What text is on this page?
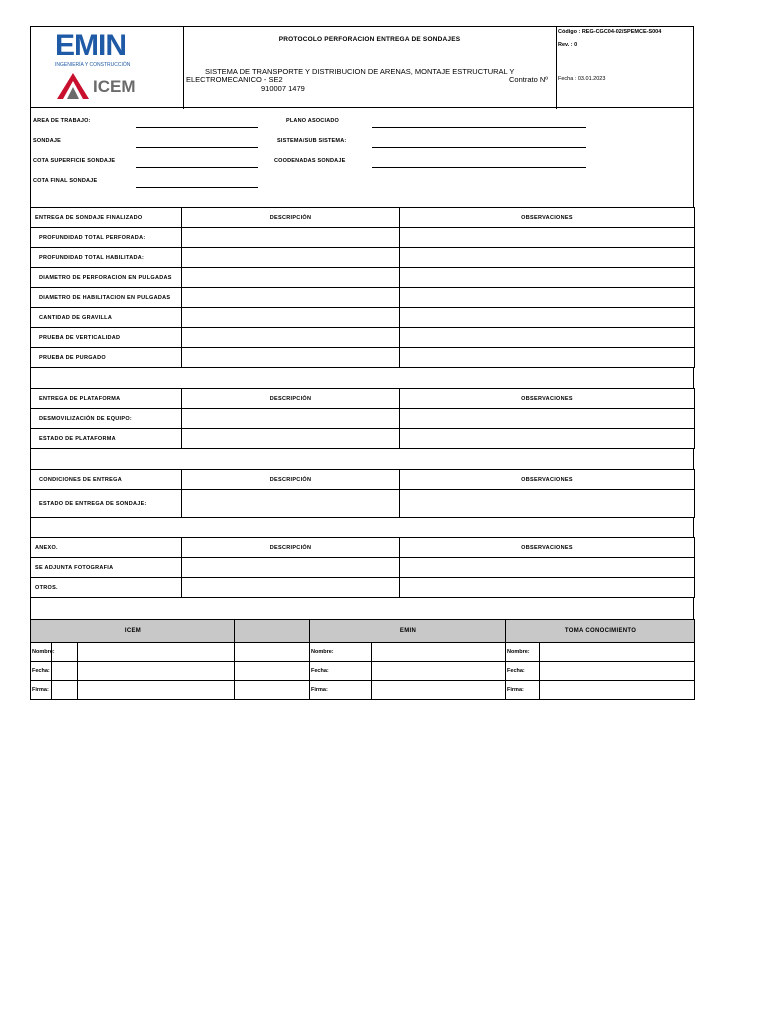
EMIN
INGENIERÍA Y CONSTRUCCIÓN
ICEM
PROTOCOLO PERFORACION ENTREGA DE SONDAJES
SISTEMA DE TRANSPORTE Y DISTRIBUCION DE ARENAS, MONTAJE ESTRUCTURAL Y
ELECTROMECANICO - SE2	Contrato Nº
910007 1479
Código : REG-CGC04-02/SPEMCE-S004
Rev. : 0
Fecha : 03.01.2023
AREA DE TRABAJO:	PLANO ASOCIADO
SONDAJE	SISTEMA/SUB SISTEMA:
COTA SUPERFICIE SONDAJE	COODENADAS SONDAJE
COTA FINAL SONDAJE
ENTREGA DE SONDAJE FINALIZADO	DESCRIPCIÓN	OBSERVACIONES
PROFUNDIDAD TOTAL PERFORADA:		
PROFUNDIDAD TOTAL HABILITADA:		
DIAMETRO DE PERFORACION EN PULGADAS		
DIAMETRO DE HABILITACION EN PULGADAS		
CANTIDAD DE GRAVILLA		
PRUEBA DE VERTICALIDAD		
PRUEBA DE PURGADO		
ENTREGA DE PLATAFORMA	DESCRIPCIÓN	OBSERVACIONES
DESMOVILIZACIÓN DE EQUIPO:		
ESTADO DE PLATAFORMA		
CONDICIONES DE ENTREGA	DESCRIPCIÓN	OBSERVACIONES
ESTADO DE ENTREGA DE SONDAJE:		
ANEXO.	DESCRIPCIÓN	OBSERVACIONES
SE ADJUNTA FOTOGRAFIA		
OTROS.		
ICEM				EMIN		TOMA CONOCIMIENTO	
Nombre:				Nombre:		Nombre:	
Fecha:				Fecha:		Fecha:	
Firma:				Firma:		Firma:	
